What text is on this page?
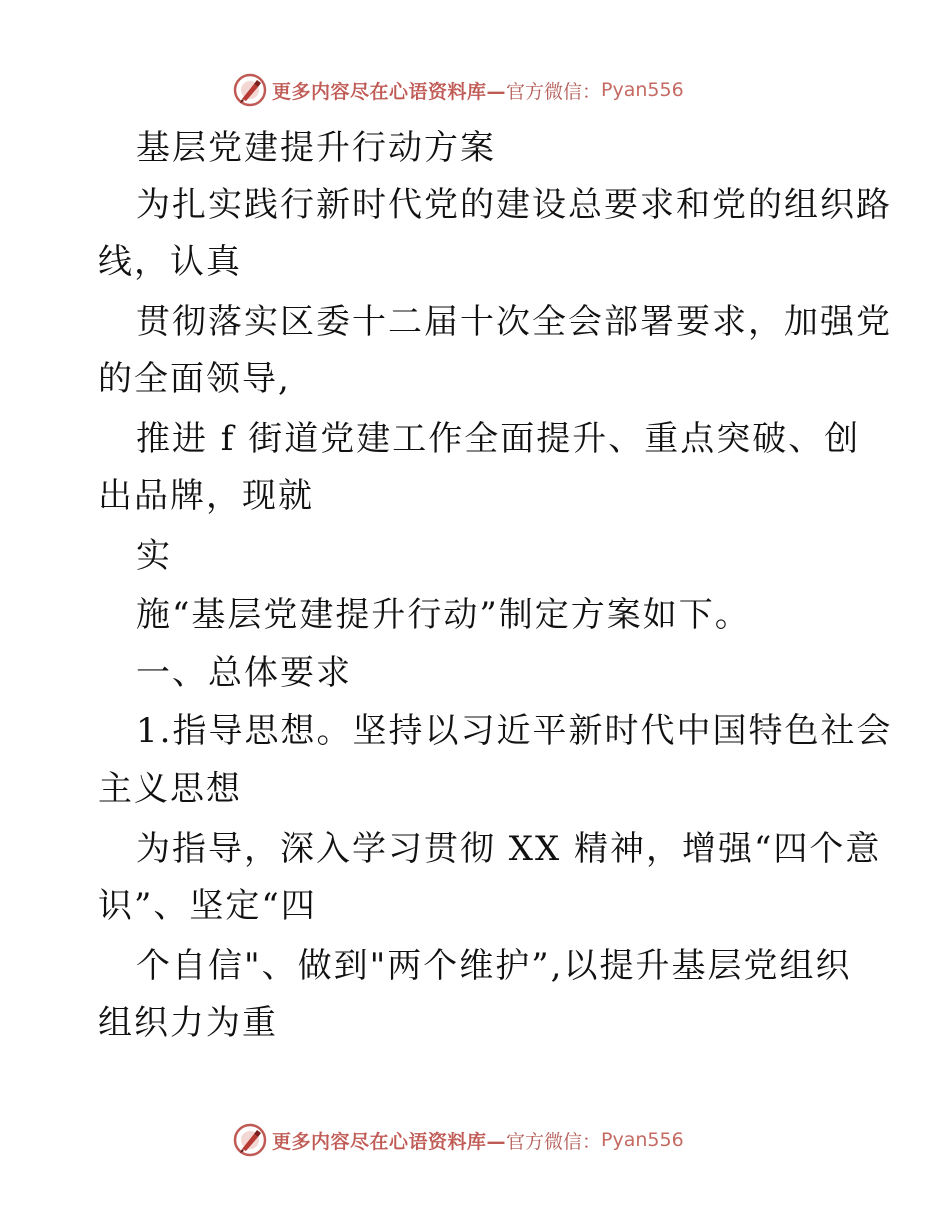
更多内容尽在心语资料库— 官方微信： Pyan556
基层党建提升行动方案
为扎实践行新时代党的建设总要求和党的组织路
线，认真
贯彻落实区委十二届十次全会部署要求，加强党
的全面领导,
推进 f 街道党建工作全面提升、重点突破、创
出品牌，现就
实
施“基层党建提升行动”制定方案如下。
一、总体要求
1.指导思想。坚持以习近平新时代中国特色社会
主义思想
为指导，深入学习贯彻 XX 精神，增强“四个意
识”、坚定“四
个自信"、做到"两个维护”,以提升基层党组织
组织力为重
更多内容尽在心语资料库— 官方微信： Pyan556
